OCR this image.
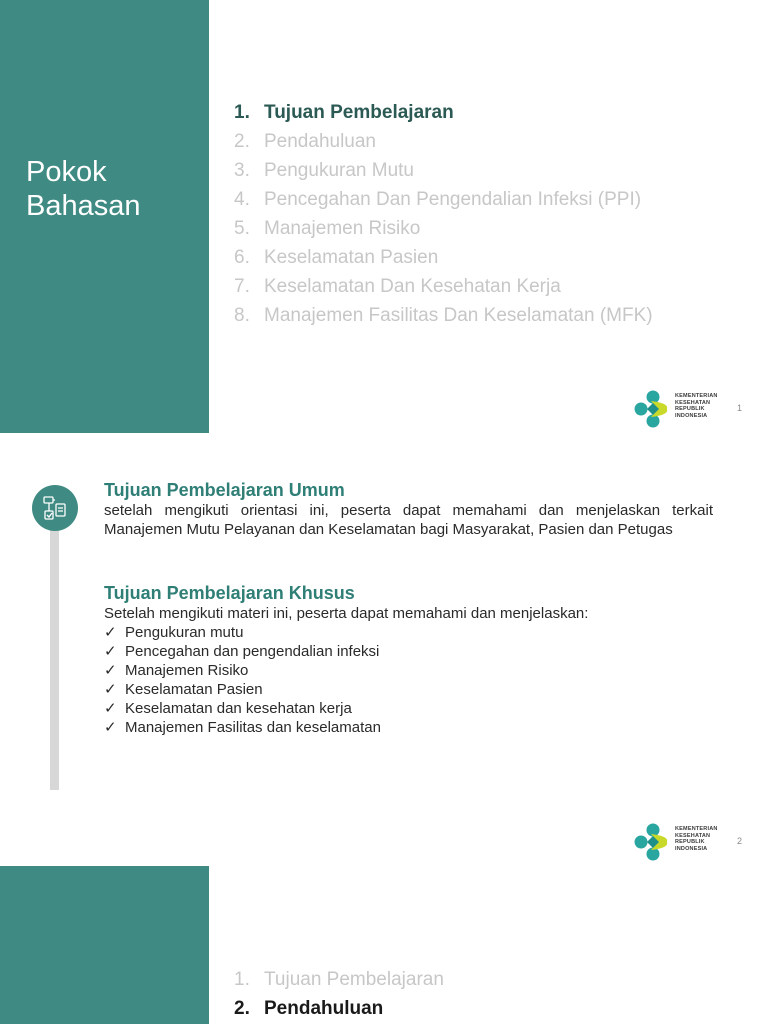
Pokok
Bahasan
1. Tujuan Pembelajaran
2. Pendahuluan
3. Pengukuran Mutu
4. Pencegahan Dan Pengendalian Infeksi (PPI)
5. Manajemen Risiko
6. Keselamatan Pasien
7. Keselamatan Dan Kesehatan Kerja
8. Manajemen Fasilitas Dan Keselamatan (MFK)
KEMENTERIAN
KESEHATAN
REPUBLIK
INDONESIA
1
Tujuan Pembelajaran Umum
setelah mengikuti orientasi ini, peserta dapat memahami dan menjelaskan terkait Manajemen Mutu Pelayanan dan Keselamatan bagi Masyarakat, Pasien dan Petugas
Tujuan Pembelajaran Khusus
Setelah mengikuti materi ini, peserta dapat memahami dan menjelaskan:
✓ Pengukuran mutu
✓ Pencegahan dan pengendalian infeksi
✓ Manajemen Risiko
✓ Keselamatan Pasien
✓ Keselamatan dan kesehatan kerja
✓ Manajemen Fasilitas dan keselamatan
KEMENTERIAN
KESEHATAN
REPUBLIK
INDONESIA
2
1. Tujuan Pembelajaran
2. Pendahuluan
